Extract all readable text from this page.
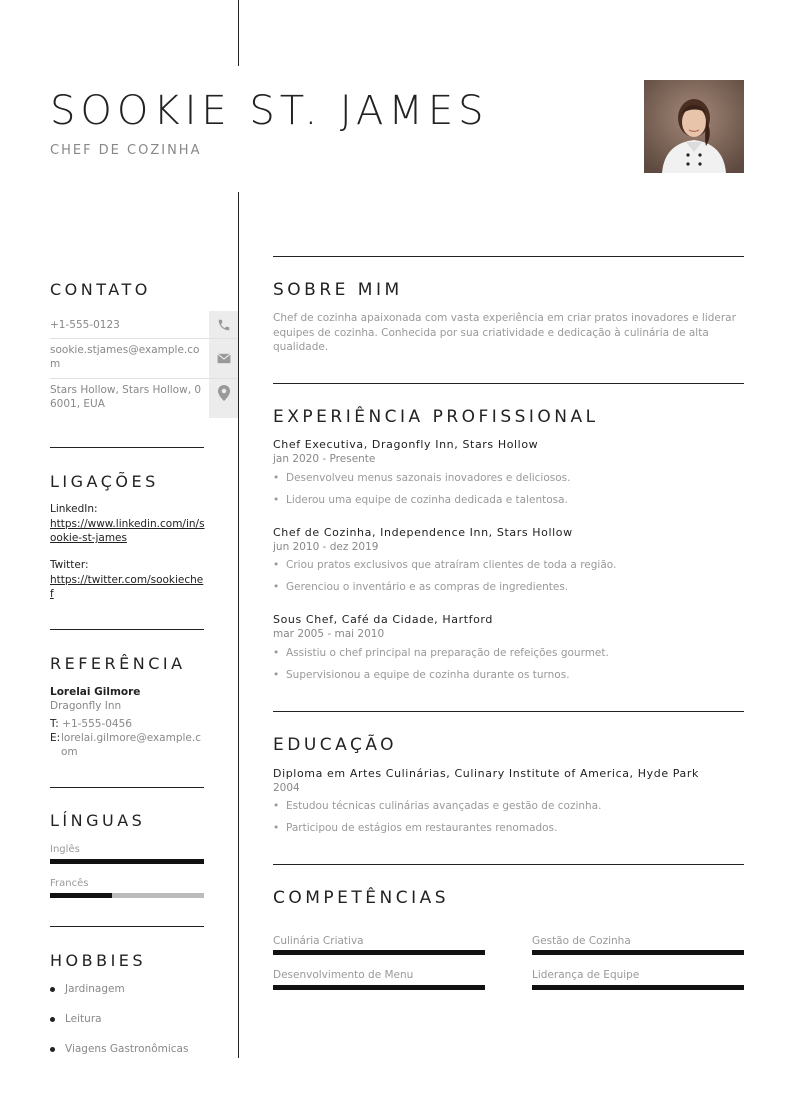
SOOKIE ST. JAMES
CHEF DE COZINHA
CONTATO
+1-555-0123
sookie.stjames@example.com
Stars Hollow, Stars Hollow, 06001, EUA
LIGAÇÕES
LinkedIn:
https://www.linkedin.com/in/sookie-st-james
Twitter:
https://twitter.com/sookiechef
REFERÊNCIA
Lorelai Gilmore
Dragonfly Inn
T: +1-555-0456
E: lorelai.gilmore@example.com
LÍNGUAS
Inglês
Francês
HOBBIES
Jardinagem
Leitura
Viagens Gastronômicas
SOBRE MIM
Chef de cozinha apaixonada com vasta experiência em criar pratos inovadores e liderar equipes de cozinha. Conhecida por sua criatividade e dedicação à culinária de alta qualidade.
EXPERIÊNCIA PROFISSIONAL
Chef Executiva, Dragonfly Inn, Stars Hollow
jan 2020 - Presente
• Desenvolveu menus sazonais inovadores e deliciosos.
• Liderou uma equipe de cozinha dedicada e talentosa.
Chef de Cozinha, Independence Inn, Stars Hollow
jun 2010 - dez 2019
• Criou pratos exclusivos que atraíram clientes de toda a região.
• Gerenciou o inventário e as compras de ingredientes.
Sous Chef, Café da Cidade, Hartford
mar 2005 - mai 2010
• Assistiu o chef principal na preparação de refeições gourmet.
• Supervisionou a equipe de cozinha durante os turnos.
EDUCAÇÃO
Diploma em Artes Culinárias, Culinary Institute of America, Hyde Park
2004
• Estudou técnicas culinárias avançadas e gestão de cozinha.
• Participou de estágios em restaurantes renomados.
COMPETÊNCIAS
Culinária Criativa	Gestão de Cozinha
Desenvolvimento de Menu	Liderança de Equipe
